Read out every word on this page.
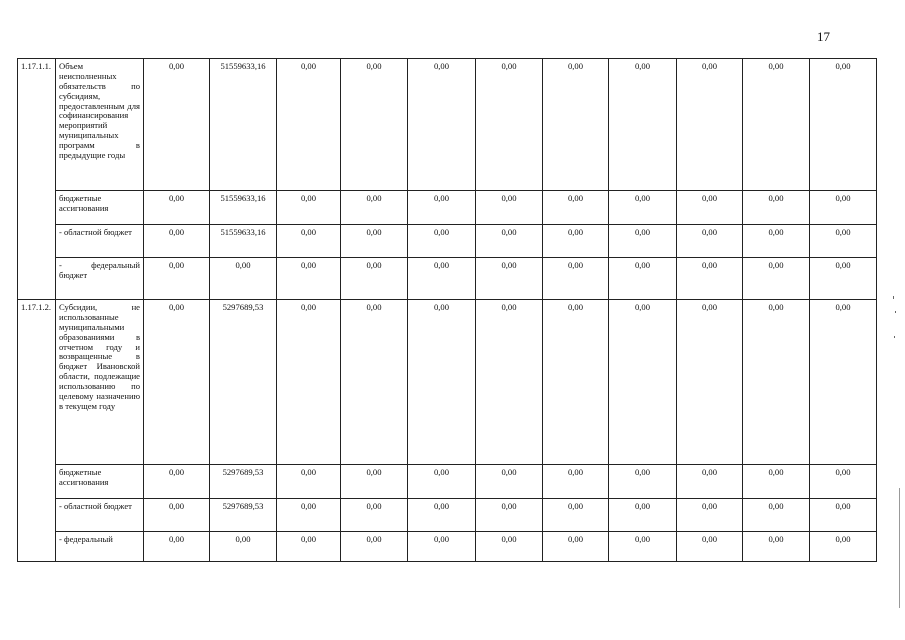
17
1.17.1.1.	Объем неисполненных обязательств по субсидиям, предоставленным для софинансирования мероприятий муниципальных программ в предыдущие годы	0,00	51559633,16	0,00	0,00	0,00	0,00	0,00	0,00	0,00	0,00	0,00
	бюджетные ассигнования	0,00	51559633,16	0,00	0,00	0,00	0,00	0,00	0,00	0,00	0,00	0,00
	- областной бюджет	0,00	51559633,16	0,00	0,00	0,00	0,00	0,00	0,00	0,00	0,00	0,00
	- федеральный бюджет	0,00	0,00	0,00	0,00	0,00	0,00	0,00	0,00	0,00	0,00	0,00
1.17.1.2.	Субсидии, не использованные муниципальными образованиями в отчетном году и возвращенные в бюджет Ивановской области, подлежащие использованию по целевому назначению в текущем году	0,00	5297689,53	0,00	0,00	0,00	0,00	0,00	0,00	0,00	0,00	0,00
	бюджетные ассигнования	0,00	5297689,53	0,00	0,00	0,00	0,00	0,00	0,00	0,00	0,00	0,00
	- областной бюджет	0,00	5297689,53	0,00	0,00	0,00	0,00	0,00	0,00	0,00	0,00	0,00
	- федеральный	0,00	0,00	0,00	0,00	0,00	0,00	0,00	0,00	0,00	0,00	0,00
